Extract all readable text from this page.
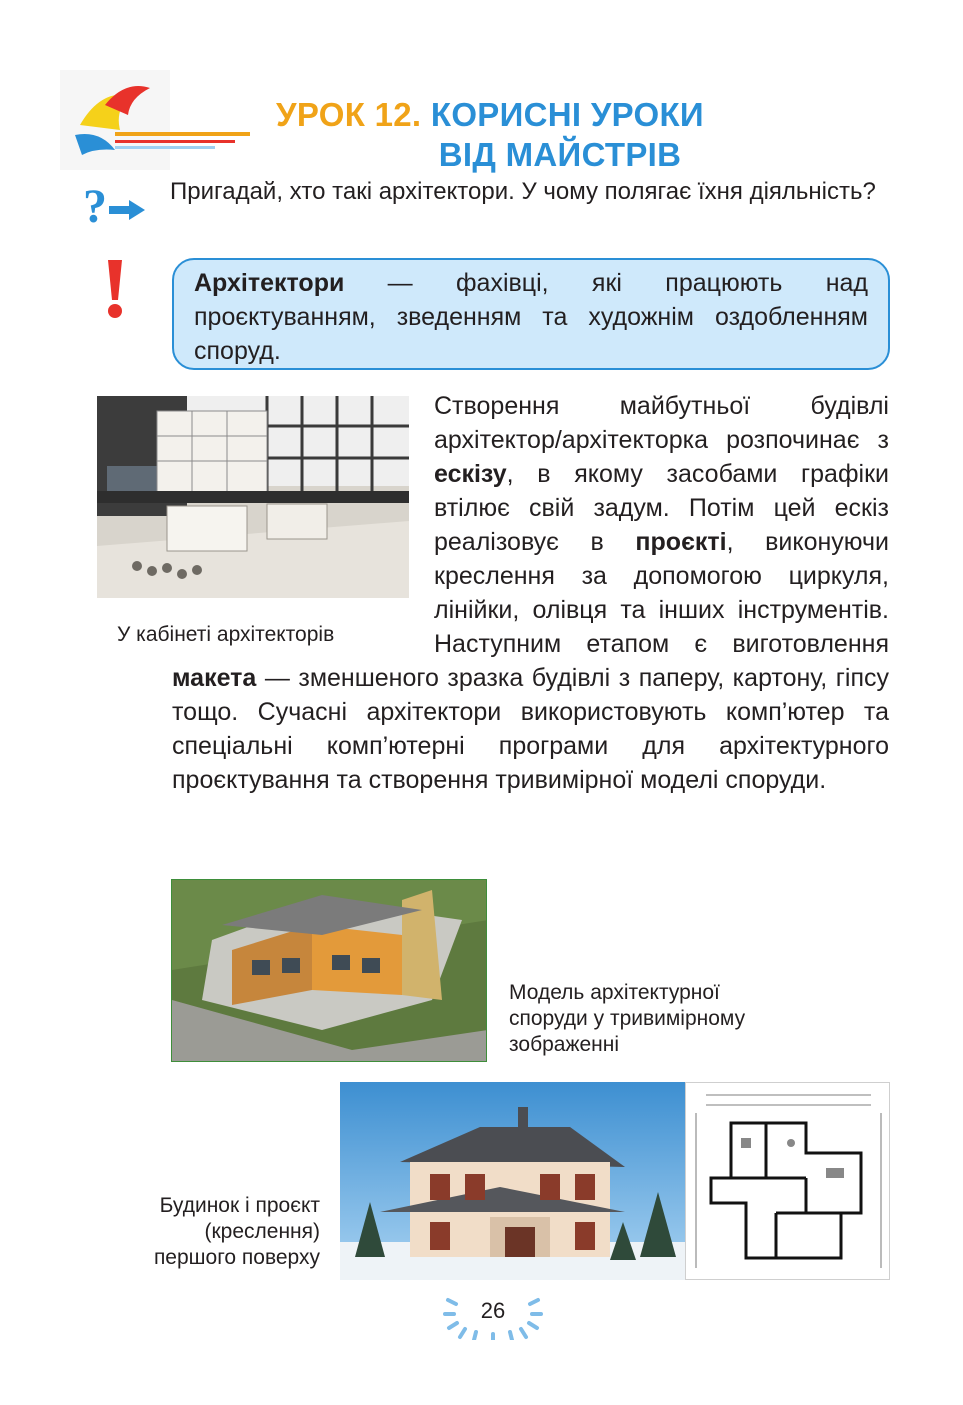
УРОК 12. КОРИСНІ УРОКИ
ВІД МАЙСТРІВ
?	Пригадай, хто такі архітектори. У чому полягає їхня діяльність?
Архітектори — фахівці, які працюють над проєктуванням, зведенням та художнім оздобленням споруд.
У кабінеті архітекторів
Створення майбутньої будівлі архітектор/архітекторка розпочинає з ескізу, в якому засобами графіки втілює свій задум. Потім цей ескіз реалізовує в проєкті, виконуючи креслення за допомогою циркуля, лінійки, олівця та інших інструментів. Наступним етапом є виготовлення макета — зменшеного зразка будівлі з паперу, картону, гіпсу тощо. Сучасні архітектори використовують комп’ютер та спеціальні комп’ютерні програми для архітектурного проєктування та створення тривимірної моделі споруди.
Модель архітектурної
споруди у тривимірному
зображенні
Будинок і проєкт
(креслення)
першого поверху
26
